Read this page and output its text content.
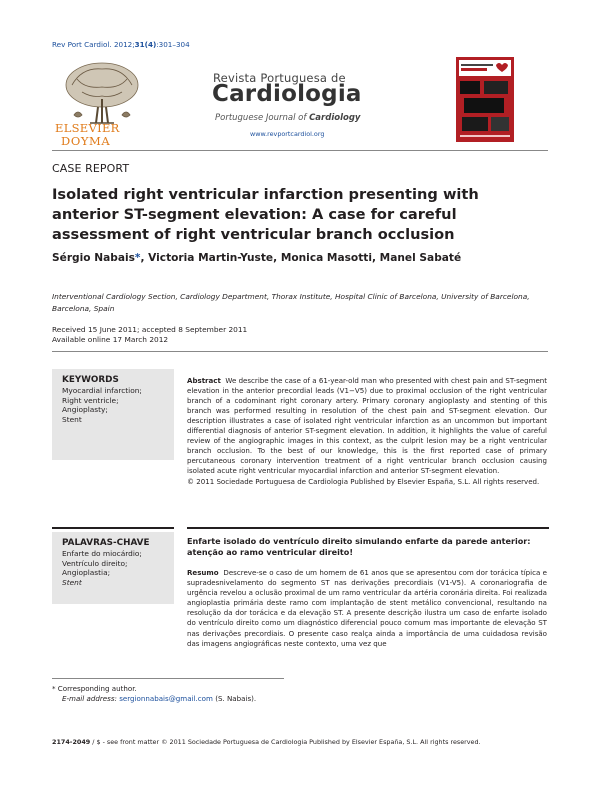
Rev Port Cardiol. 2012;31(4):301–304
ELSEVIER
DOYMA
Revista Portuguesa de
Cardiologia
Portuguese Journal of Cardiology
www.revportcardiol.org
CASE REPORT
Isolated right ventricular infarction presenting with anterior ST-segment elevation: A case for careful assessment of right ventricular branch occlusion
Sérgio Nabais*, Victoria Martin-Yuste, Monica Masotti, Manel Sabaté
Interventional Cardiology Section, Cardiology Department, Thorax Institute, Hospital Clinic of Barcelona, University of Barcelona, Barcelona, Spain
Received 15 June 2011; accepted 8 September 2011
Available online 17 March 2012
KEYWORDS
Myocardial infarction;
Right ventricle;
Angioplasty;
Stent
Abstract We describe the case of a 61-year-old man who presented with chest pain and ST-segment elevation in the anterior precordial leads (V1−V5) due to proximal occlusion of the right ventricular branch of a codominant right coronary artery. Primary coronary angioplasty and stenting of this branch was performed resulting in resolution of the chest pain and ST-segment elevation. Our description illustrates a case of isolated right ventricular infarction as an uncommon but important differential diagnosis of anterior ST-segment elevation. In addition, it highlights the value of careful review of the angiographic images in this context, as the culprit lesion may be a right ventricular branch occlusion. To the best of our knowledge, this is the first reported case of primary percutaneous coronary intervention treatment of a right ventricular branch occlusion causing isolated acute right ventricular myocardial infarction and anterior ST-segment elevation.
© 2011 Sociedade Portuguesa de Cardiologia Published by Elsevier España, S.L. All rights reserved.
PALAVRAS-CHAVE
Enfarte do miocárdio;
Ventrículo direito;
Angioplastia;
Stent
Enfarte isolado do ventrículo direito simulando enfarte da parede anterior: atenção ao ramo ventricular direito!
Resumo Descreve-se o caso de um homem de 61 anos que se apresentou com dor torácica típica e supradesnivelamento do segmento ST nas derivações precordiais (V1-V5). A coronariografia de urgência revelou a oclusão proximal de um ramo ventricular da artéria coronária direita. Foi realizada angioplastia primária deste ramo com implantação de stent metálico convencional, resultando na resolução da dor torácica e da elevação ST. A presente descrição ilustra um caso de enfarte isolado do ventrículo direito como um diagnóstico diferencial pouco comum mas importante de elevação ST nas derivações precordiais. O presente caso realça ainda a importância de uma cuidadosa revisão das imagens angiográficas neste contexto, uma vez que
* Corresponding author.
E-mail address: sergionnabais@gmail.com (S. Nabais).
2174-2049 / $ - see front matter © 2011 Sociedade Portuguesa de Cardiologia Published by Elsevier España, S.L. All rights reserved.
